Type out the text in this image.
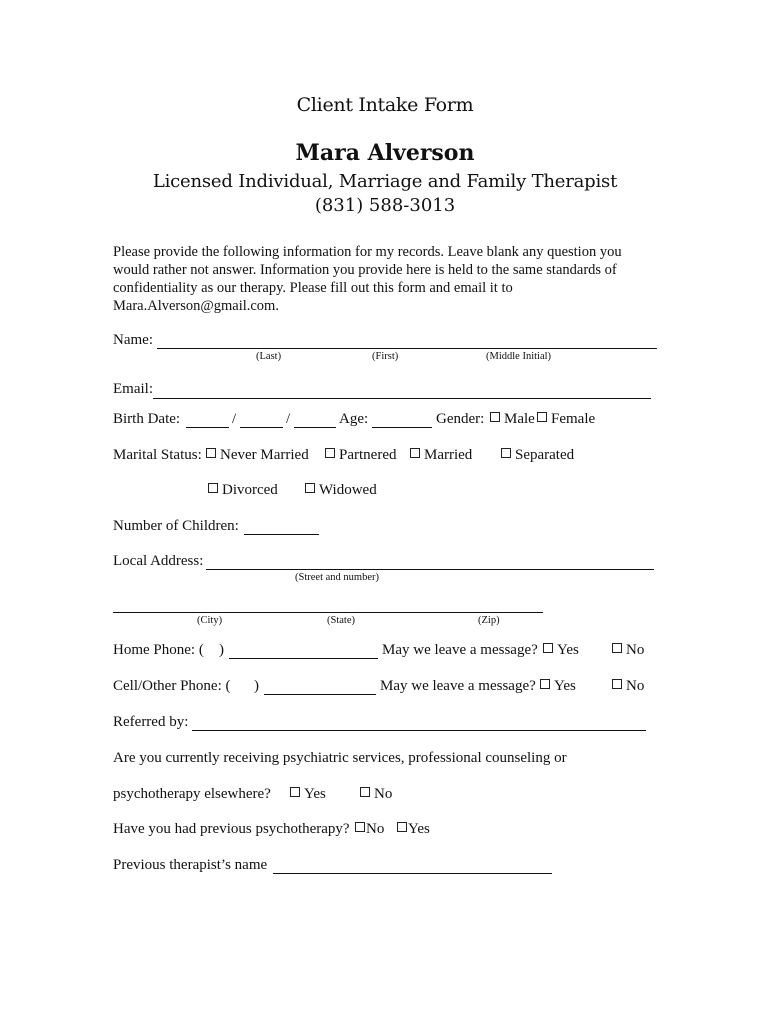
Client Intake Form
Mara Alverson
Licensed Individual, Marriage and Family Therapist
(831) 588-3013
Please provide the following information for my records. Leave blank any question you would rather not answer. Information you provide here is held to the same standards of confidentiality as our therapy. Please fill out this form and email it to Mara.Alverson@gmail.com.
Name:
(Last)	(First)	(Middle Initial)
Email:
Birth Date:	/	/	Age:	Gender:	Male	Female
Marital Status:	Never Married	Partnered	Married	Separated
Divorced	Widowed
Number of Children:
Local Address:
(Street and number)
(City)	(State)	(Zip)
Home Phone: ( )	May we leave a message?	Yes	No
Cell/Other Phone: ( )	May we leave a message?	Yes	No
Referred by:
Are you currently receiving psychiatric services, professional counseling or
psychotherapy elsewhere?	Yes	No
Have you had previous psychotherapy?	No	Yes
Previous therapist’s name
